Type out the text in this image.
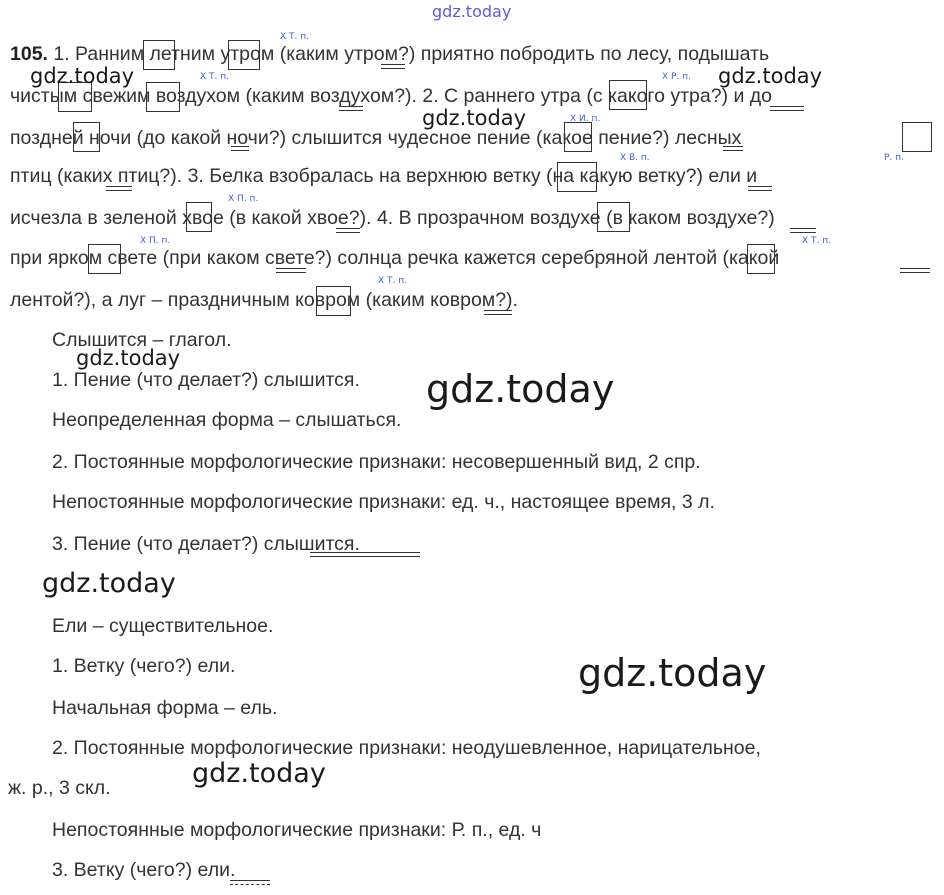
gdz.today
105. 1. Ранним летним утром (каким утром?) приятно побродить по лесу, подышать
чистым свежим воздухом (каким воздухом?). 2. С раннего утра (с какого утра?) и до
поздней ночи (до какой ночи?) слышится чудесное пение (какое пение?) лесных
птиц (каких птиц?). 3. Белка взобралась на верхнюю ветку (на какую ветку?) ели и
исчезла в зеленой хвое (в какой хвое?). 4. В прозрачном воздухе (в каком воздухе?)
при ярком свете (при каком свете?) солнца речка кажется серебряной лентой (какой
лентой?), а луг – праздничным ковром (каким ковром?).
Х Т. п.
Х Т. п.	Х Р. п.
Х И. п.
Х В. п.	Р. п.
Х П. п.
Х П. п.	Х Т. п.
Х Т. п.
Слышится – глагол.
1. Пение (что делает?) слышится.
Неопределенная форма – слышаться.
2. Постоянные морфологические признаки: несовершенный вид, 2 спр.
Непостоянные морфологические признаки: ед. ч., настоящее время, 3 л.
3. Пение (что делает?) слышится.
Ели – существительное.
1. Ветку (чего?) ели.
Начальная форма – ель.
2. Постоянные морфологические признаки: неодушевленное, нарицательное,
ж. р., 3 скл.
Непостоянные морфологические признаки: Р. п., ед. ч
3. Ветку (чего?) ели.
gdz.today	gdz.today
gdz.today
gdz.today
gdz.today
gdz.today
gdz.today
gdz.today
